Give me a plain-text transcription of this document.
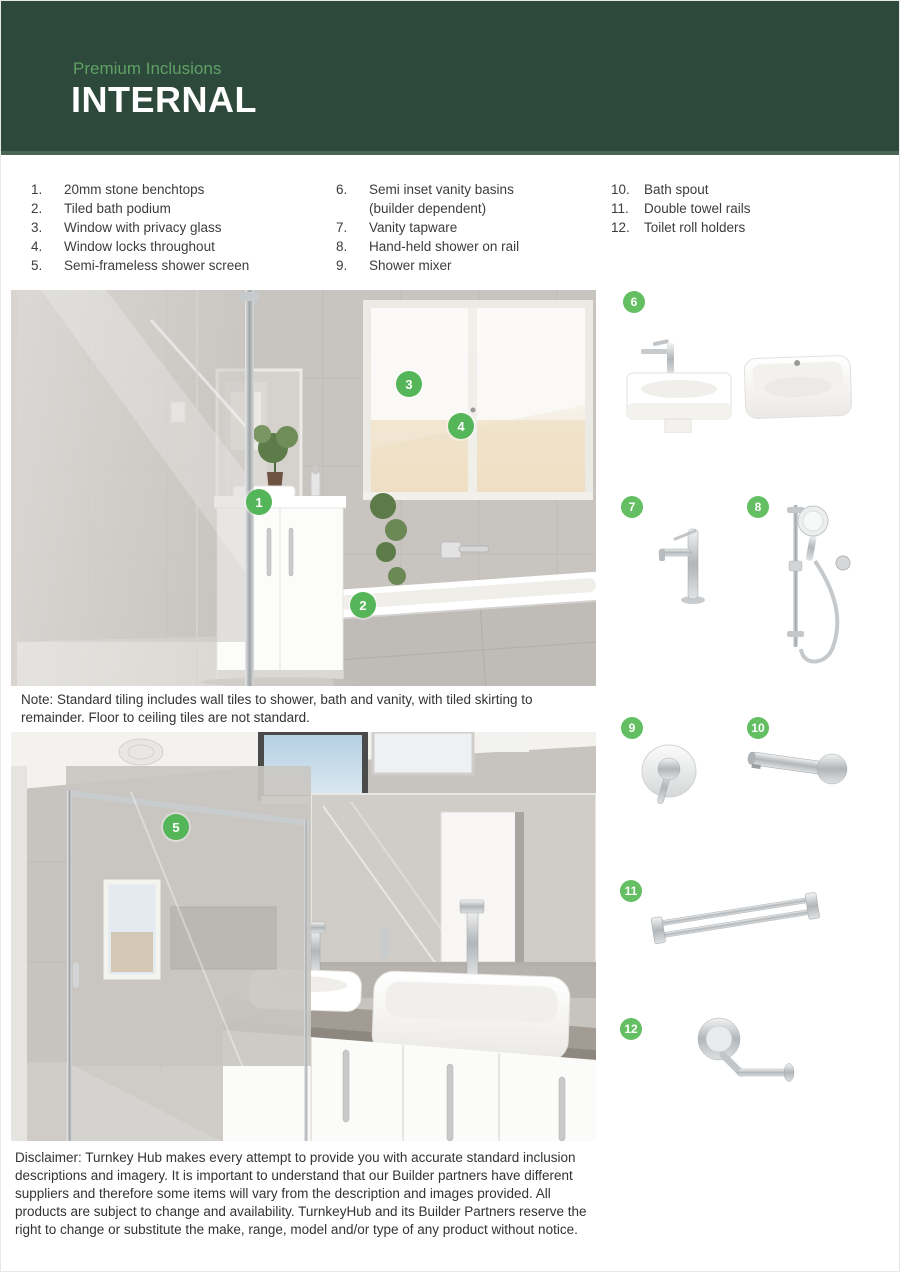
Premium Inclusions
INTERNAL
1.	20mm stone benchtops
2.	Tiled bath podium
3.	Window with privacy glass
4.	Window locks throughout
5.	Semi-frameless shower screen
6.	Semi inset vanity basins
(builder dependent)
7.	Vanity tapware
8.	Hand-held shower on rail
9.	Shower mixer
10.	Bath spout
11.	Double towel rails
12.	Toilet roll holders
1
2
3
4
Note: Standard tiling includes wall tiles to shower, bath and vanity, with tiled skirting to remainder. Floor to ceiling tiles are not standard.
5
Disclaimer: Turnkey Hub makes every attempt to provide you with accurate standard inclusion descriptions and imagery. It is important to understand that our Builder partners have different suppliers and therefore some items will vary from the description and images provided. All products are subject to change and availability. TurnkeyHub and its Builder Partners reserve the right to change or substitute the make, range, model and/or type of any product without notice.
6
7	8
9	10
11
12
